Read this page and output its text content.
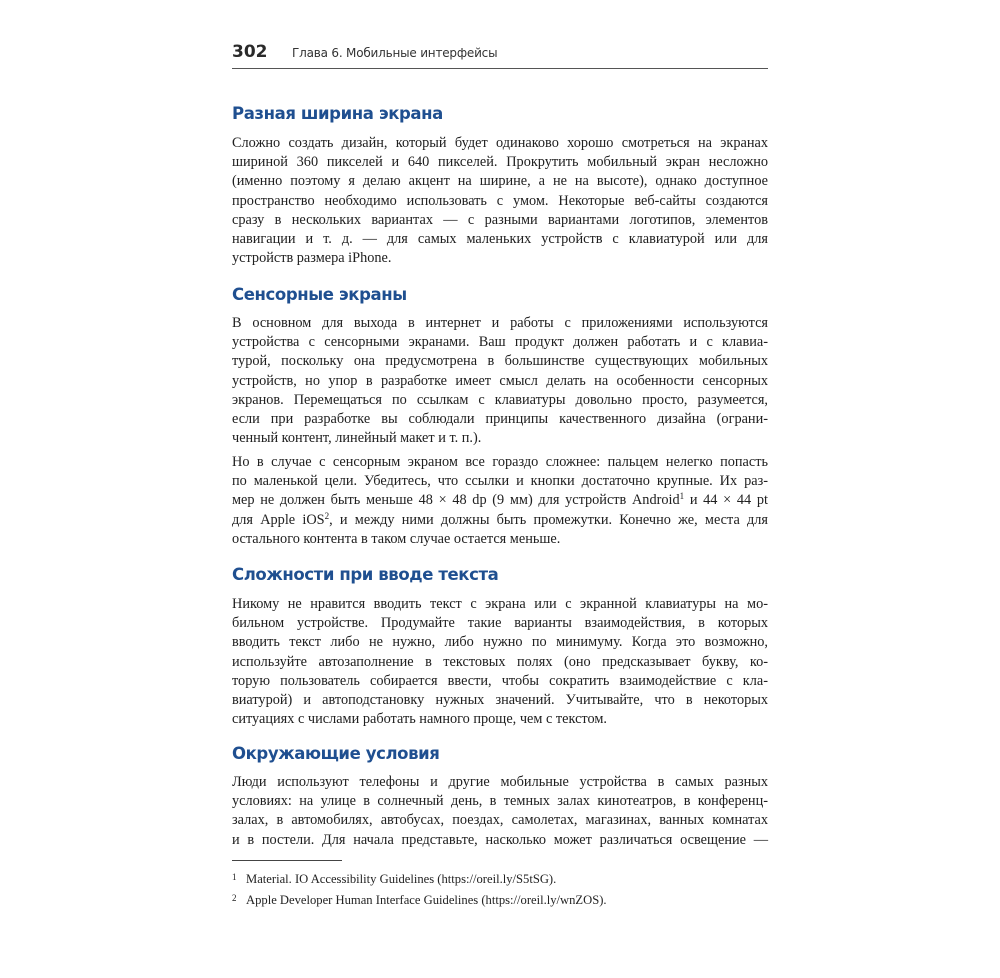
302 Глава 6. Мобильные интерфейсы
Разная ширина экрана
Сложно создать дизайн, который будет одинаково хорошо смотреться на экранах
шириной 360 пикселей и 640 пикселей. Прокрутить мобильный экран несложно
(именно поэтому я делаю акцент на ширине, а не на высоте), однако доступное
пространство необходимо использовать с умом. Некоторые веб-сайты создаются
сразу в нескольких вариантах — с разными вариантами логотипов, элементов
навигации и т. д. — для самых маленьких устройств с клавиатурой или для
устройств размера iPhone.
Сенсорные экраны
В основном для выхода в интернет и работы с приложениями используются
устройства с сенсорными экранами. Ваш продукт должен работать и с клавиа-
турой, поскольку она предусмотрена в большинстве существующих мобильных
устройств, но упор в разработке имеет смысл делать на особенности сенсорных
экранов. Перемещаться по ссылкам с клавиатуры довольно просто, разумеется,
если при разработке вы соблюдали принципы качественного дизайна (ограни-
ченный контент, линейный макет и т. п.).
Но в случае с сенсорным экраном все гораздо сложнее: пальцем нелегко попасть
по маленькой цели. Убедитесь, что ссылки и кнопки достаточно крупные. Их раз-
мер не должен быть меньше 48 × 48 dp (9 мм) для устройств Android$^1$ и 44 × 44 pt
для Apple iOS$^2$, и между ними должны быть промежутки. Конечно же, места для
остального контента в таком случае остается меньше.
Сложности при вводе текста
Никому не нравится вводить текст с экрана или с экранной клавиатуры на мо-
бильном устройстве. Продумайте такие варианты взаимодействия, в которых
вводить текст либо не нужно, либо нужно по минимуму. Когда это возможно,
используйте автозаполнение в текстовых полях (оно предсказывает букву, ко-
торую пользователь собирается ввести, чтобы сократить взаимодействие с кла-
виатурой) и автоподстановку нужных значений. Учитывайте, что в некоторых
ситуациях с числами работать намного проще, чем с текстом.
Окружающие условия
Люди используют телефоны и другие мобильные устройства в самых разных
условиях: на улице в солнечный день, в темных залах кинотеатров, в конференц-
залах, в автомобилях, автобусах, поездах, самолетах, магазинах, ванных комнатах
и в постели. Для начала представьте, насколько может различаться освещение —
1 Material. IO Accessibility Guidelines (https://oreil.ly/S5tSG).
2 Apple Developer Human Interface Guidelines (https://oreil.ly/wnZOS).
